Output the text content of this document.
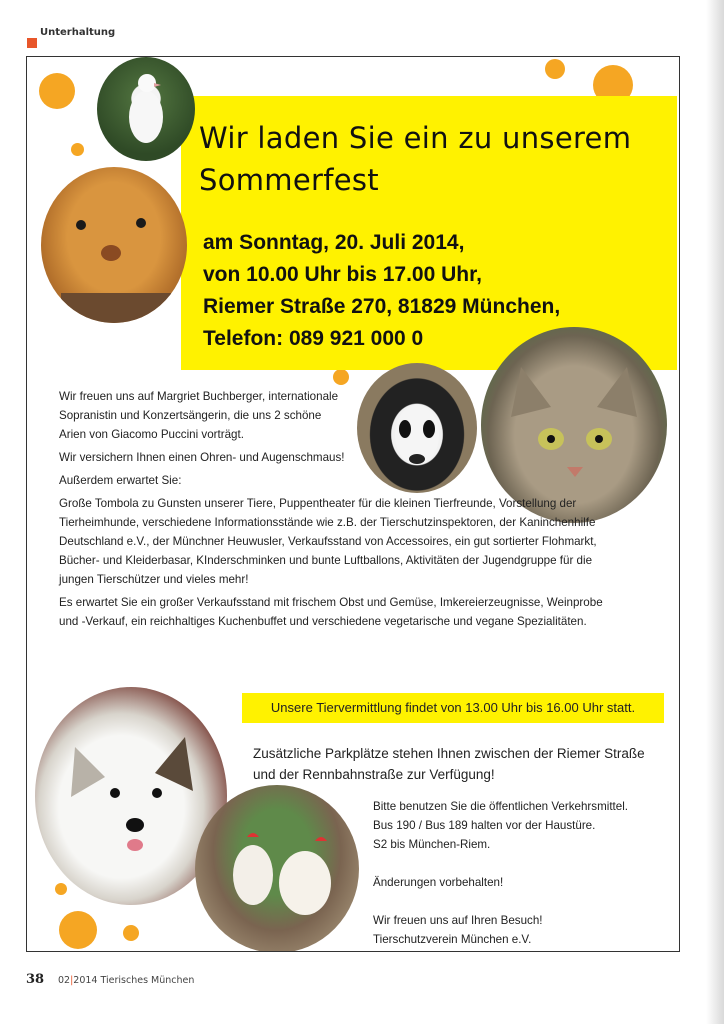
Unterhaltung
Wir laden Sie ein zu unserem
Sommerfest
am Sonntag, 20. Juli 2014,
von 10.00 Uhr bis 17.00 Uhr,
Riemer Straße 270, 81829 München,
Telefon: 089 921 000 0

Wir freuen uns auf Margriet Buchberger, internationale Sopranistin und Konzertsängerin, die uns 2 schöne Arien von Giacomo Puccini vorträgt.

Wir versichern Ihnen einen Ohren- und Augenschmaus!

Außerdem erwartet Sie:

Große Tombola zu Gunsten unserer Tiere, Puppentheater für die kleinen Tierfreunde, Vorstellung der Tierheimhunde, verschiedene Informationsstände wie z.B. der Tierschutzinspektoren, der Kaninchenhilfe Deutschland e.V., der Münchner Heuwusler, Verkaufsstand von Accessoires, ein gut sortierter Flohmarkt, Bücher- und Kleiderbasar, KInderschminken und bunte Luftballons, Aktivitäten der Jugendgruppe für die jungen Tierschützer und vieles mehr!

Es erwartet Sie ein großer Verkaufsstand mit frischem Obst und Gemüse, Imkereierzeugnisse, Weinprobe und -Verkauf, ein reichhaltiges Kuchenbuffet und verschiedene vegetarische und vegane Spezialitäten.

Unsere Tiervermittlung findet von 13.00 Uhr bis 16.00 Uhr statt.
Zusätzliche Parkplätze stehen Ihnen zwischen der Riemer Straße und der Rennbahnstraße zur Verfügung!
Bitte benutzen Sie die öffentlichen Verkehrsmittel.
Bus 190 / Bus 189 halten vor der Haustüre.
S2 bis München-Riem.
Änderungen vorbehalten!
Wir freuen uns auf Ihren Besuch!
Tierschutzverein München e.V.
38 02|2014 Tierisches München
